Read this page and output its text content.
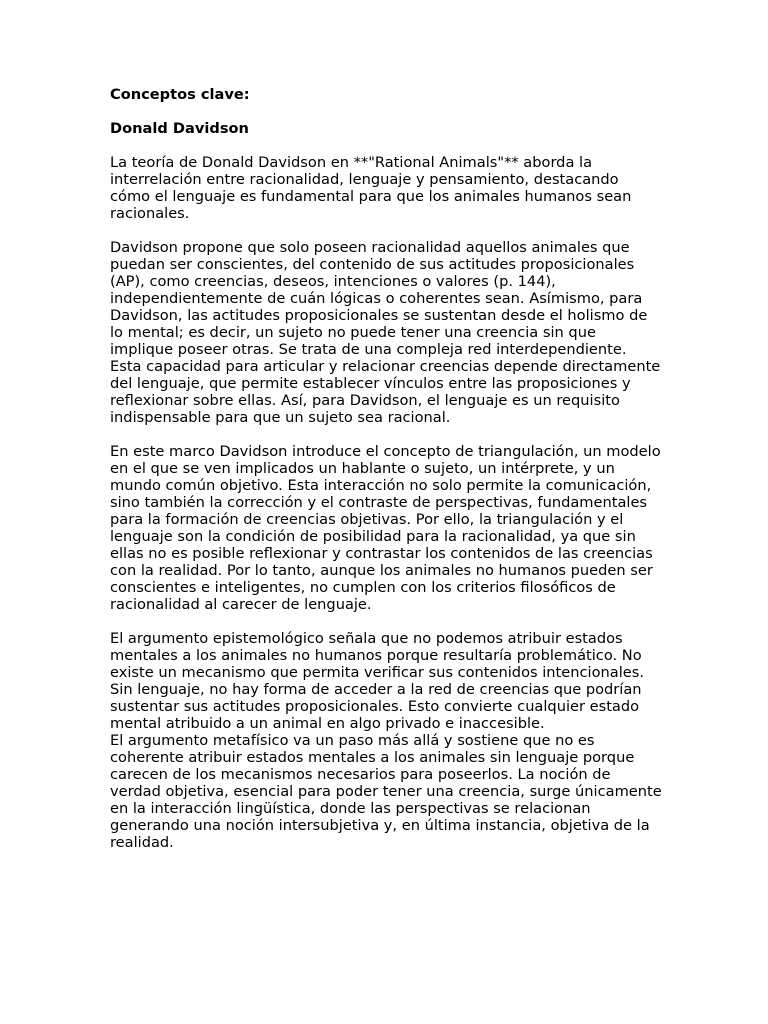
Conceptos clave:
Donald Davidson
La teoría de Donald Davidson en **"Rational Animals"** aborda la interrelación entre racionalidad, lenguaje y pensamiento, destacando cómo el lenguaje es fundamental para que los animales humanos sean racionales.
Davidson propone que solo poseen racionalidad aquellos animales que puedan ser conscientes, del contenido de sus actitudes proposicionales (AP), como creencias, deseos, intenciones o valores (p. 144), independientemente de cuán lógicas o coherentes sean. Asímismo, para Davidson, las actitudes proposicionales se sustentan desde el holismo de lo mental; es decir, un sujeto no puede tener una creencia sin que implique poseer otras. Se trata de una compleja red interdependiente. Esta capacidad para articular y relacionar creencias depende directamente del lenguaje, que permite establecer vínculos entre las proposiciones y reflexionar sobre ellas. Así, para Davidson, el lenguaje es un requisito indispensable para que un sujeto sea racional.
En este marco Davidson introduce el concepto de triangulación, un modelo en el que se ven implicados un hablante o sujeto, un intérprete, y un mundo común objetivo. Esta interacción no solo permite la comunicación, sino también la corrección y el contraste de perspectivas, fundamentales para la formación de creencias objetivas. Por ello, la triangulación y el lenguaje son la condición de posibilidad para la racionalidad, ya que sin ellas no es posible reflexionar y contrastar los contenidos de las creencias con la realidad. Por lo tanto, aunque los animales no humanos pueden ser conscientes e inteligentes, no cumplen con los criterios filosóficos de racionalidad al carecer de lenguaje.
El argumento epistemológico señala que no podemos atribuir estados mentales a los animales no humanos porque resultaría problemático. No existe un mecanismo que permita verificar sus contenidos intencionales. Sin lenguaje, no hay forma de acceder a la red de creencias que podrían sustentar sus actitudes proposicionales. Esto convierte cualquier estado mental atribuido a un animal en algo privado e inaccesible.
El argumento metafísico va un paso más allá y sostiene que no es coherente atribuir estados mentales a los animales sin lenguaje porque carecen de los mecanismos necesarios para poseerlos. La noción de verdad objetiva, esencial para poder tener una creencia, surge únicamente en la interacción lingüística, donde las perspectivas se relacionan generando una noción intersubjetiva y, en última instancia, objetiva de la realidad.
